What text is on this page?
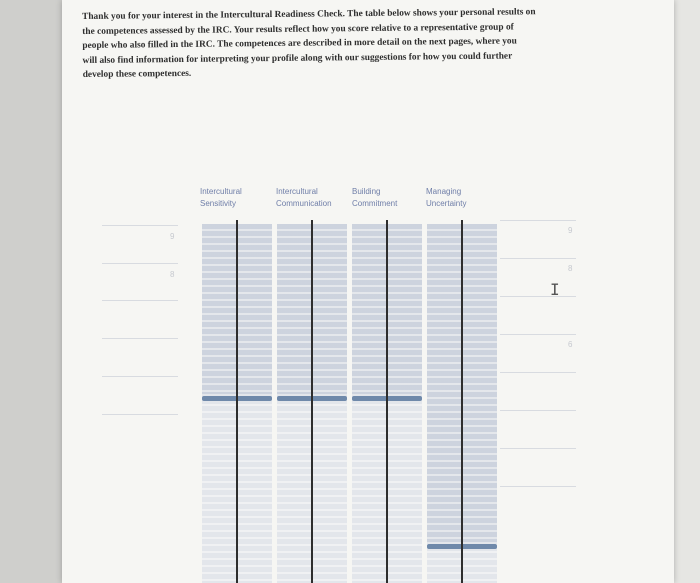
Thank you for your interest in the Intercultural Readiness Check. The table below shows your personal results on
the competences assessed by the IRC. Your results reflect how you score relative to a representative group of
people who also filled in the IRC. The competences are described in more detail on the next pages, where you
will also find information for interpreting your profile along with our suggestions for how you could further
develop these competences.
9
8
9
8
6
Intercultural
Sensitivity
Intercultural
Communication
Building
Commitment
Managing
Uncertainty
I
